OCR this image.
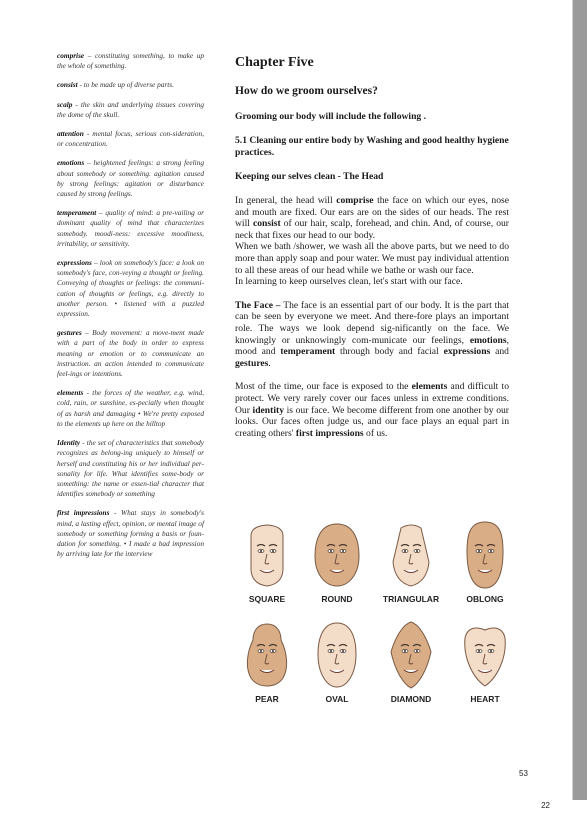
comprise – constituting something, to make up the whole of something.

consist - to be made up of diverse parts.

scalp - the skin and underlying tissues covering the dome of the skull.

attention - mental focus, serious con-sideration, or concentration.

emotions – heightened feelings: a strong feeling about somebody or something. agitation caused by strong feelings: agitation or disturbance caused by strong feelings.

temperament – quality of mind: a pre-vailing or dominant quality of mind that characterizes somebody. moodi-ness: excessive moodiness, irritability, or sensitivity.

expressions – look on somebody's face: a look on somebody's face, con-veying a thought or feeling. Conveying of thoughts or feelings: the communi-cation of thoughts or feelings, e.g. directly to another person. • listened with a puzzled expression.

gestures – Body movement: a move-ment made with a part of the body in order to express meaning or emotion or to communicate an instruction. an action intended to communicate feel-ings or intentions.

elements - the forces of the weather, e.g. wind, cold, rain, or sunshine, es-pecially when thought of as harsh and damaging • We're pretty exposed to the elements up here on the hilltop

Identity - the set of characteristics that somebody recognizes as belong-ing uniquely to himself or herself and constituting his or her individual per-sonality for life. What identifies some-body or something: the name or essen-tial character that identifies somebody or something

first impressions - What stays in somebody's mind, a lasting effect, opinion, or mental image of somebody or something forming a basis or foun-dation for something. • I made a bad impression by arriving late for the interview

Chapter Five
How do we groom ourselves?
Grooming our body will include the following .
5.1 Cleaning our entire body by Washing and good healthy hygiene practices.
Keeping our selves clean - The Head
In general, the head will comprise the face on which our eyes, nose and mouth are fixed. Our ears are on the sides of our heads. The rest will consist of our hair, scalp, forehead, and chin. And, of course, our neck that fixes our head to our body.
When we bath /shower, we wash all the above parts, but we need to do more than apply soap and pour water. We must pay individual attention to all these areas of our head while we bathe or wash our face.
In learning to keep ourselves clean, let's start with our face.
The Face – The face is an essential part of our body. It is the part that can be seen by everyone we meet. And there-fore plays an important role. The ways we look depend sig-nificantly on the face. We knowingly or unknowingly com-municate our feelings, emotions, mood and temperament through body and facial expressions and gestures.
Most of the time, our face is exposed to the elements and difficult to protect. We very rarely cover our faces unless in extreme conditions. Our identity is our face. We become different from one another by our looks. Our faces often judge us, and our face plays an equal part in creating others' first impressions of us.
SQUARE	ROUND	TRIANGULAR	OBLONG
PEAR	OVAL	DIAMOND	HEART
53
22
